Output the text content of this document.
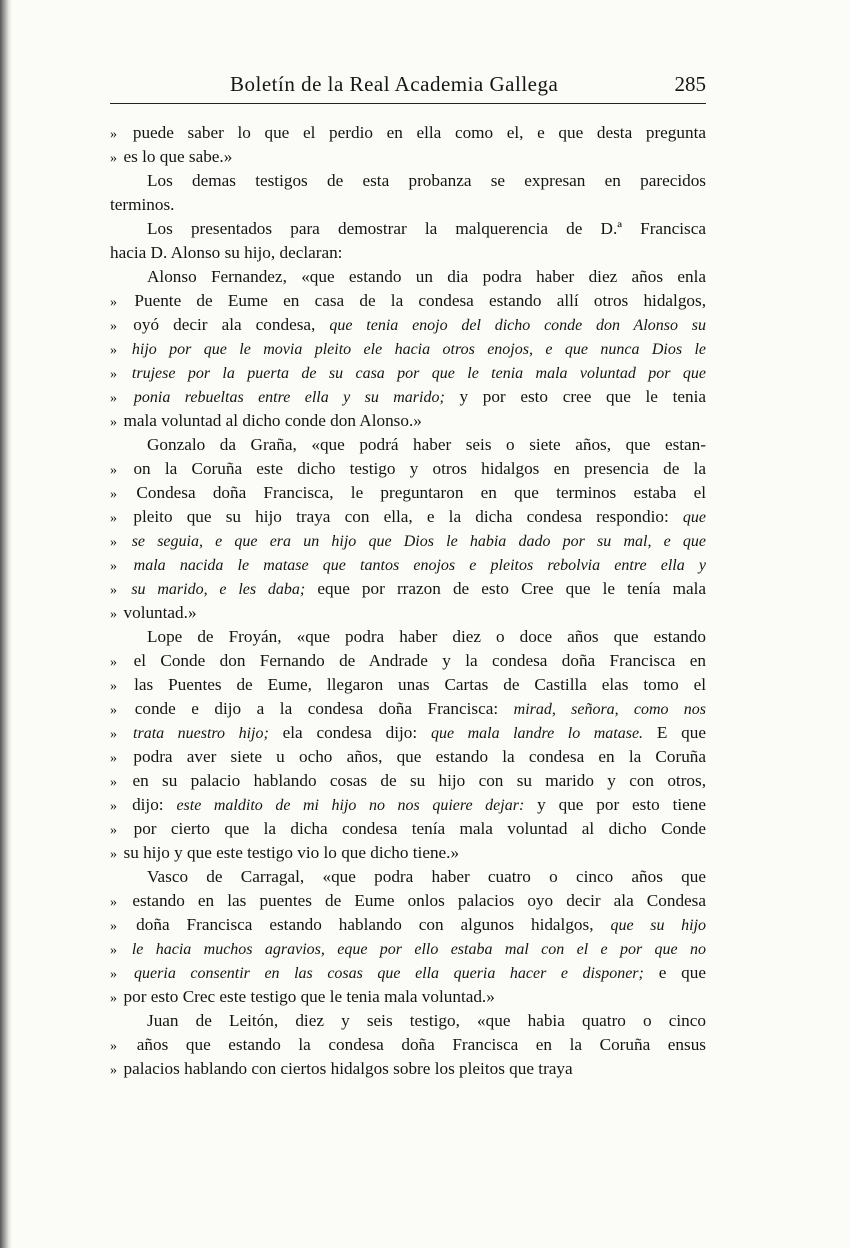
Boletín de la Real Academia Gallega	285
» puede saber lo que el perdio en ella como el, e que desta pregunta
» es lo que sabe.»
Los demas testigos de esta probanza se expresan en parecidos
terminos.
Los presentados para demostrar la malquerencia de D.ª Francisca
hacia D. Alonso su hijo, declaran:
Alonso Fernandez, «que estando un dia podra haber diez años enla
» Puente de Eume en casa de la condesa estando allí otros hidalgos,
» oyó decir ala condesa, que tenia enojo del dicho conde don Alonso su
» hijo por que le movia pleito ele hacia otros enojos, e que nunca Dios le
» trujese por la puerta de su casa por que le tenia mala voluntad por que
» ponia rebueltas entre ella y su marido; y por esto cree que le tenia
» mala voluntad al dicho conde don Alonso.»
Gonzalo da Graña, «que podrá haber seis o siete años, que estan-
» on la Coruña este dicho testigo y otros hidalgos en presencia de la
» Condesa doña Francisca, le preguntaron en que terminos estaba el
» pleito que su hijo traya con ella, e la dicha condesa respondio: que
» se seguia, e que era un hijo que Dios le habia dado por su mal, e que
» mala nacida le matase que tantos enojos e pleitos rebolvia entre ella y
» su marido, e les daba; eque por rrazon de esto Cree que le tenía mala
» voluntad.»
Lope de Froyán, «que podra haber diez o doce años que estando
» el Conde don Fernando de Andrade y la condesa doña Francisca en
» las Puentes de Eume, llegaron unas Cartas de Castilla elas tomo el
» conde e dijo a la condesa doña Francisca: mirad, señora, como nos
» trata nuestro hijo; ela condesa dijo: que mala landre lo matase. E que
» podra aver siete u ocho años, que estando la condesa en la Coruña
» en su palacio hablando cosas de su hijo con su marido y con otros,
» dijo: este maldito de mi hijo no nos quiere dejar: y que por esto tiene
» por cierto que la dicha condesa tenía mala voluntad al dicho Conde
» su hijo y que este testigo vio lo que dicho tiene.»
Vasco de Carragal, «que podra haber cuatro o cinco años que
» estando en las puentes de Eume onlos palacios oyo decir ala Condesa
» doña Francisca estando hablando con algunos hidalgos, que su hijo
» le hacia muchos agravios, eque por ello estaba mal con el e por que no
» queria consentir en las cosas que ella queria hacer e disponer; e que
» por esto Crec este testigo que le tenia mala voluntad.»
Juan de Leitón, diez y seis testigo, «que habia quatro o cinco
» años que estando la condesa doña Francisca en la Coruña ensus
» palacios hablando con ciertos hidalgos sobre los pleitos que traya
